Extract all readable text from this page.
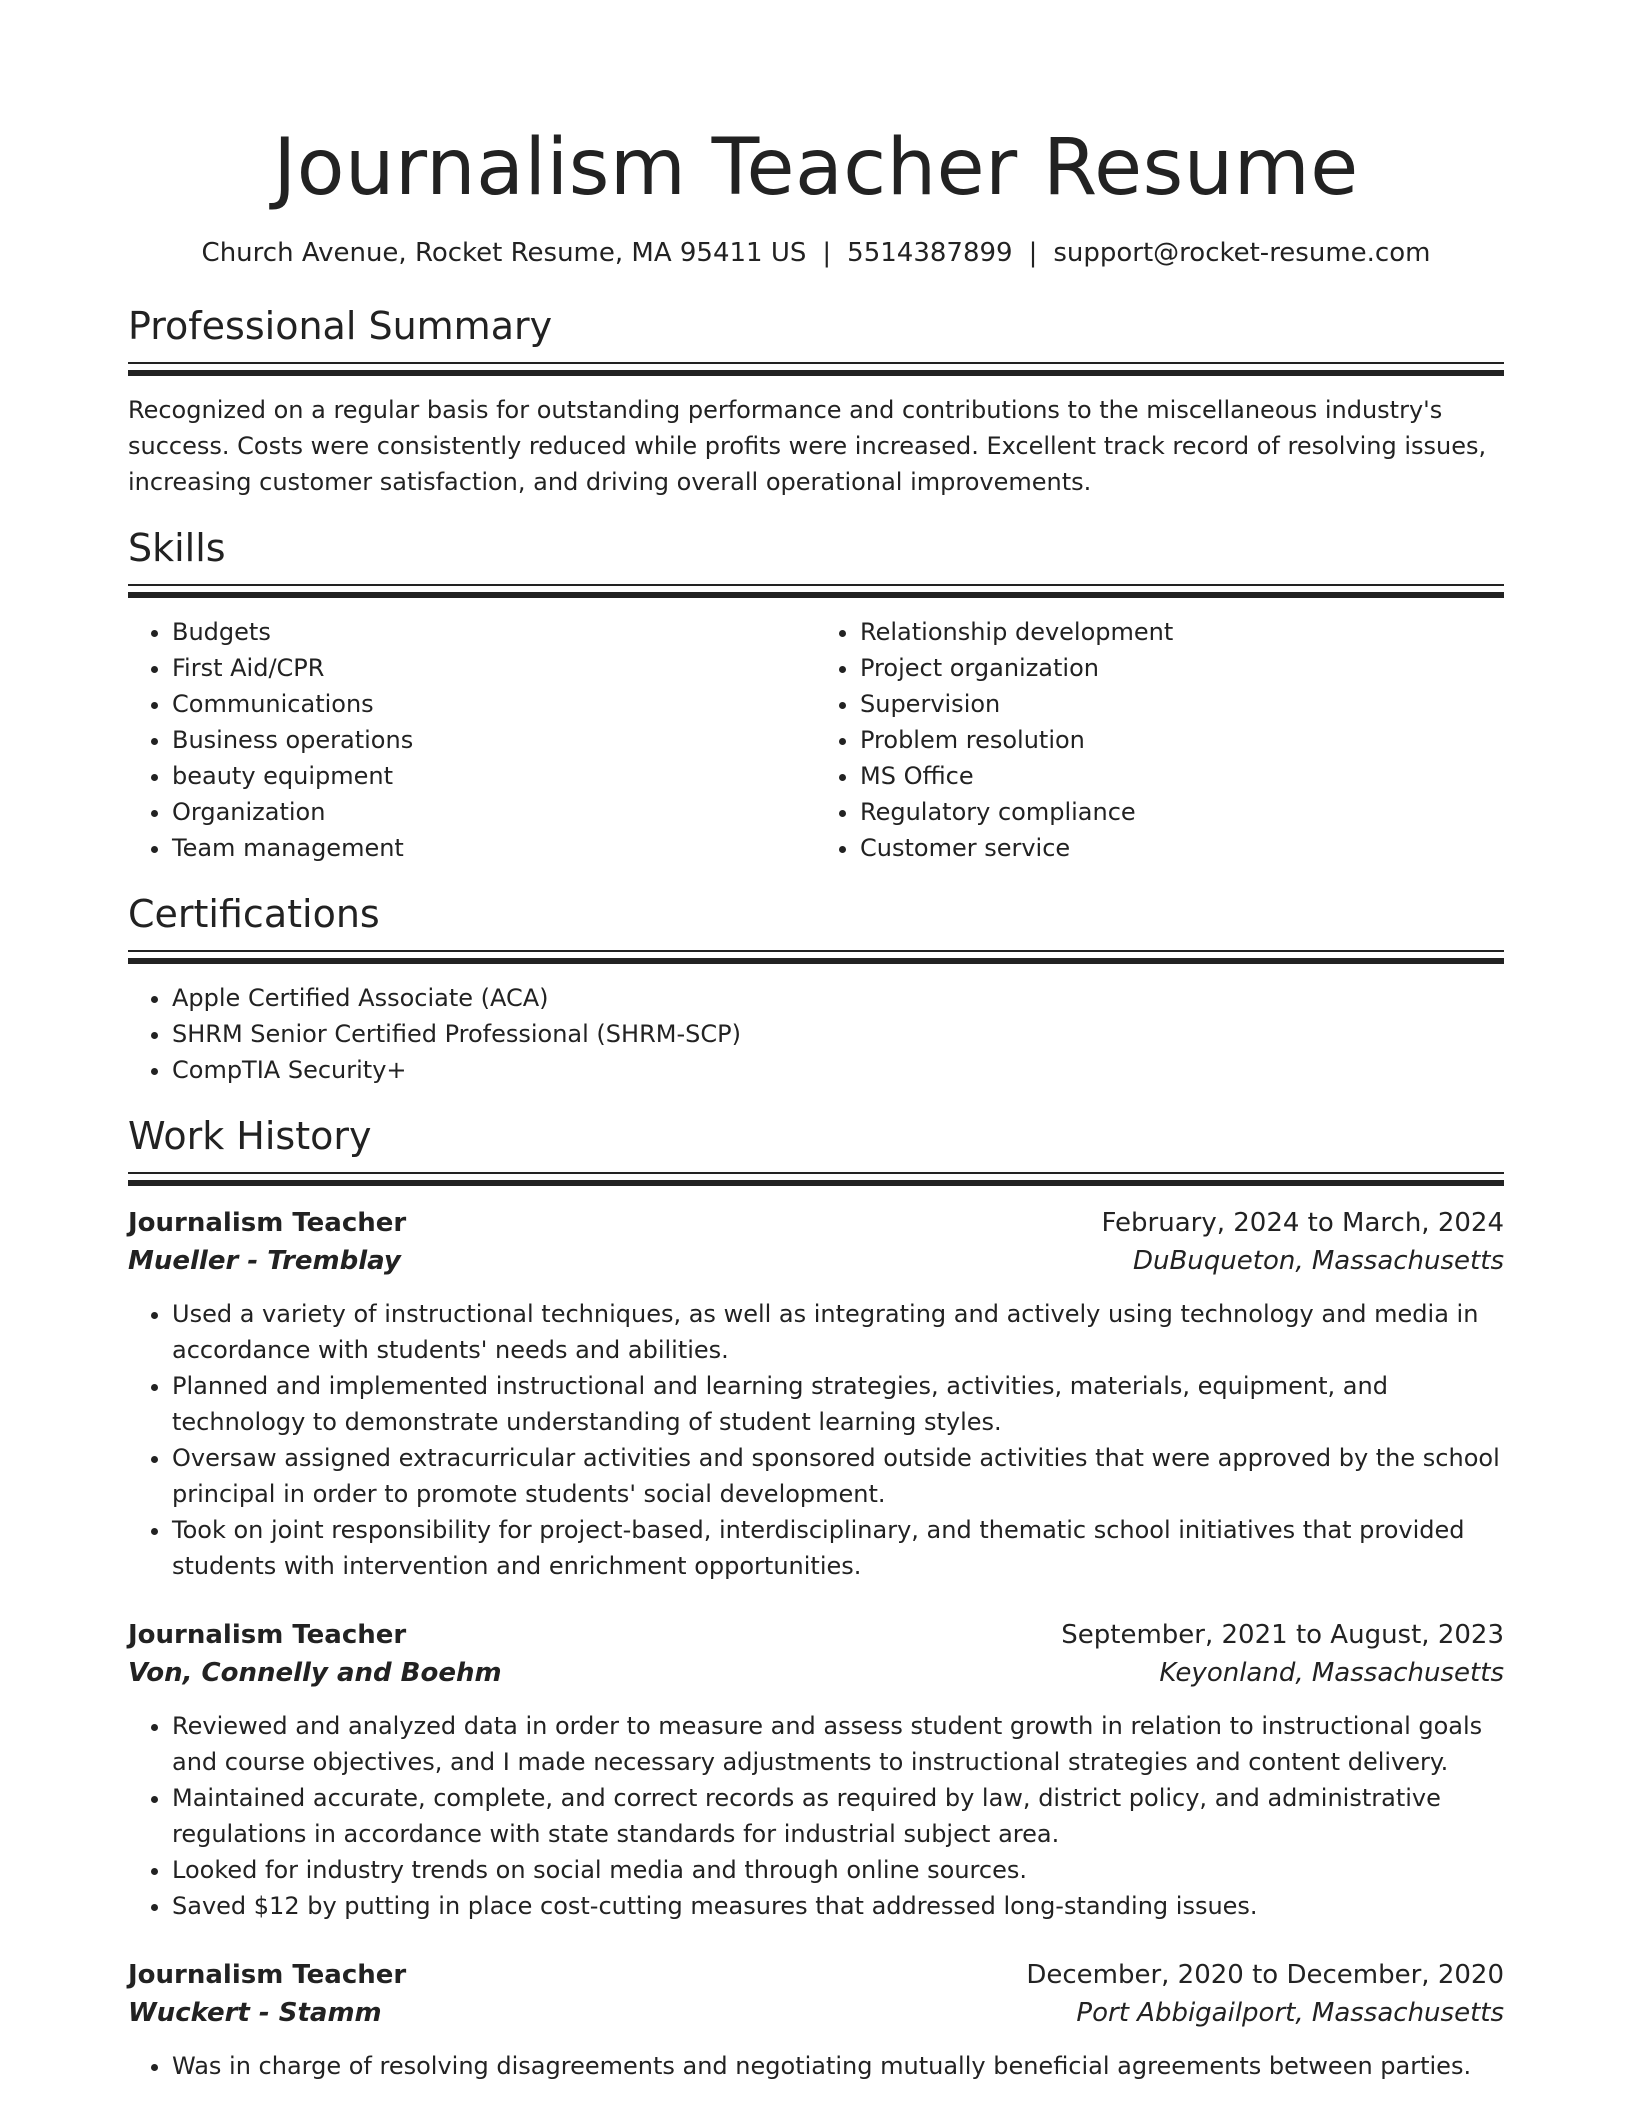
Journalism Teacher Resume
Church Avenue, Rocket Resume, MA 95411 US | 5514387899 | support@rocket-resume.com
Professional Summary

Recognized on a regular basis for outstanding performance and contributions to the miscellaneous industry's success. Costs were consistently reduced while profits were increased. Excellent track record of resolving issues, increasing customer satisfaction, and driving overall operational improvements.

Skills
• Budgets
• First Aid/CPR
• Communications
• Business operations
• beauty equipment
• Organization
• Team management
• Relationship development
• Project organization
• Supervision
• Problem resolution
• MS Office
• Regulatory compliance
• Customer service
Certifications
• Apple Certified Associate (ACA)
• SHRM Senior Certified Professional (SHRM-SCP)
• CompTIA Security+
Work History
Journalism Teacher	February, 2024 to March, 2024
Mueller - Tremblay	DuBuqueton, Massachusetts
• Used a variety of instructional techniques, as well as integrating and actively using technology and media in accordance with students' needs and abilities.
• Planned and implemented instructional and learning strategies, activities, materials, equipment, and technology to demonstrate understanding of student learning styles.
• Oversaw assigned extracurricular activities and sponsored outside activities that were approved by the school principal in order to promote students' social development.
• Took on joint responsibility for project-based, interdisciplinary, and thematic school initiatives that provided students with intervention and enrichment opportunities.
Journalism Teacher	September, 2021 to August, 2023
Von, Connelly and Boehm	Keyonland, Massachusetts
• Reviewed and analyzed data in order to measure and assess student growth in relation to instructional goals and course objectives, and I made necessary adjustments to instructional strategies and content delivery.
• Maintained accurate, complete, and correct records as required by law, district policy, and administrative regulations in accordance with state standards for industrial subject area.
• Looked for industry trends on social media and through online sources.
• Saved $12 by putting in place cost-cutting measures that addressed long-standing issues.
Journalism Teacher	December, 2020 to December, 2020
Wuckert - Stamm	Port Abbigailport, Massachusetts
• Was in charge of resolving disagreements and negotiating mutually beneficial agreements between parties.
